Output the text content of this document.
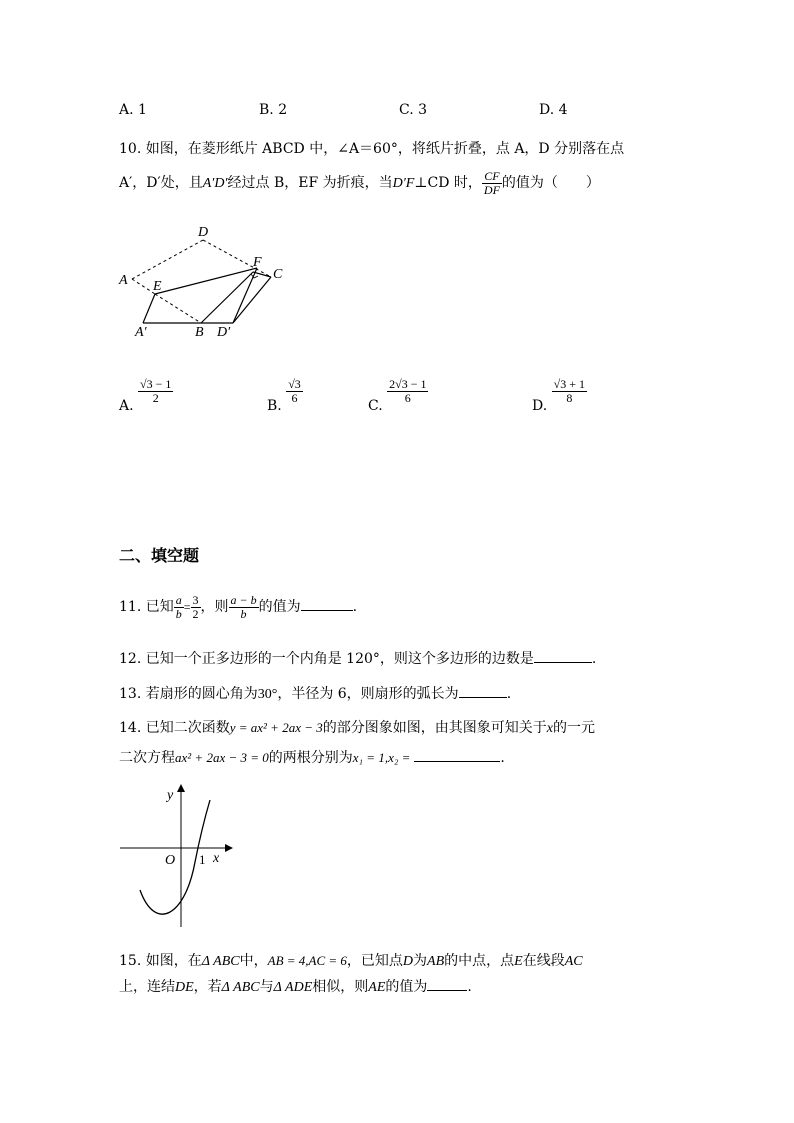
A. 1	B. 2	C. 3	D. 4
10. 如图，在菱形纸片 ABCD 中，∠A＝60°，将纸片折叠，点 A，D 分别落在点
A′，D′处，且A′D′经过点 B，EF 为折痕，当D′F⊥CD 时， $\frac{CF}{DF}$ 的值为（　　）
D
F
C
A E
A′	B D′
A.
$\frac{√3 - 1}{2}$
B.
$\frac{√3}{6}$
C.
$\frac{2√3 - 1}{6}$
D.
$\frac{√3 + 1}{8}$
二、填空题
11. 已知 $\frac{a}{b} = \frac{3}{2}$ ，则 $\frac{a - b}{b}$ 的值为	.
12. 已知一个正多边形的一个内角是 120°，则这个多边形的边数是	.
13. 若扇形的圆心角为30°，半径为 6，则扇形的弧长为	.
14. 已知二次函数y = ax² + 2ax − 3的部分图象如图，由其图象可知关于x的一元
二次方程ax² + 2ax − 3 = 0的两根分别为x₁ = 1,x₂ =	.
y
O 1 x
15. 如图，在Δ ABC中，AB = 4,AC = 6，已知点D为AB的中点，点E在线段AC
上，连结DE，若Δ ABC与Δ ADE相似，则AE的值为	.
